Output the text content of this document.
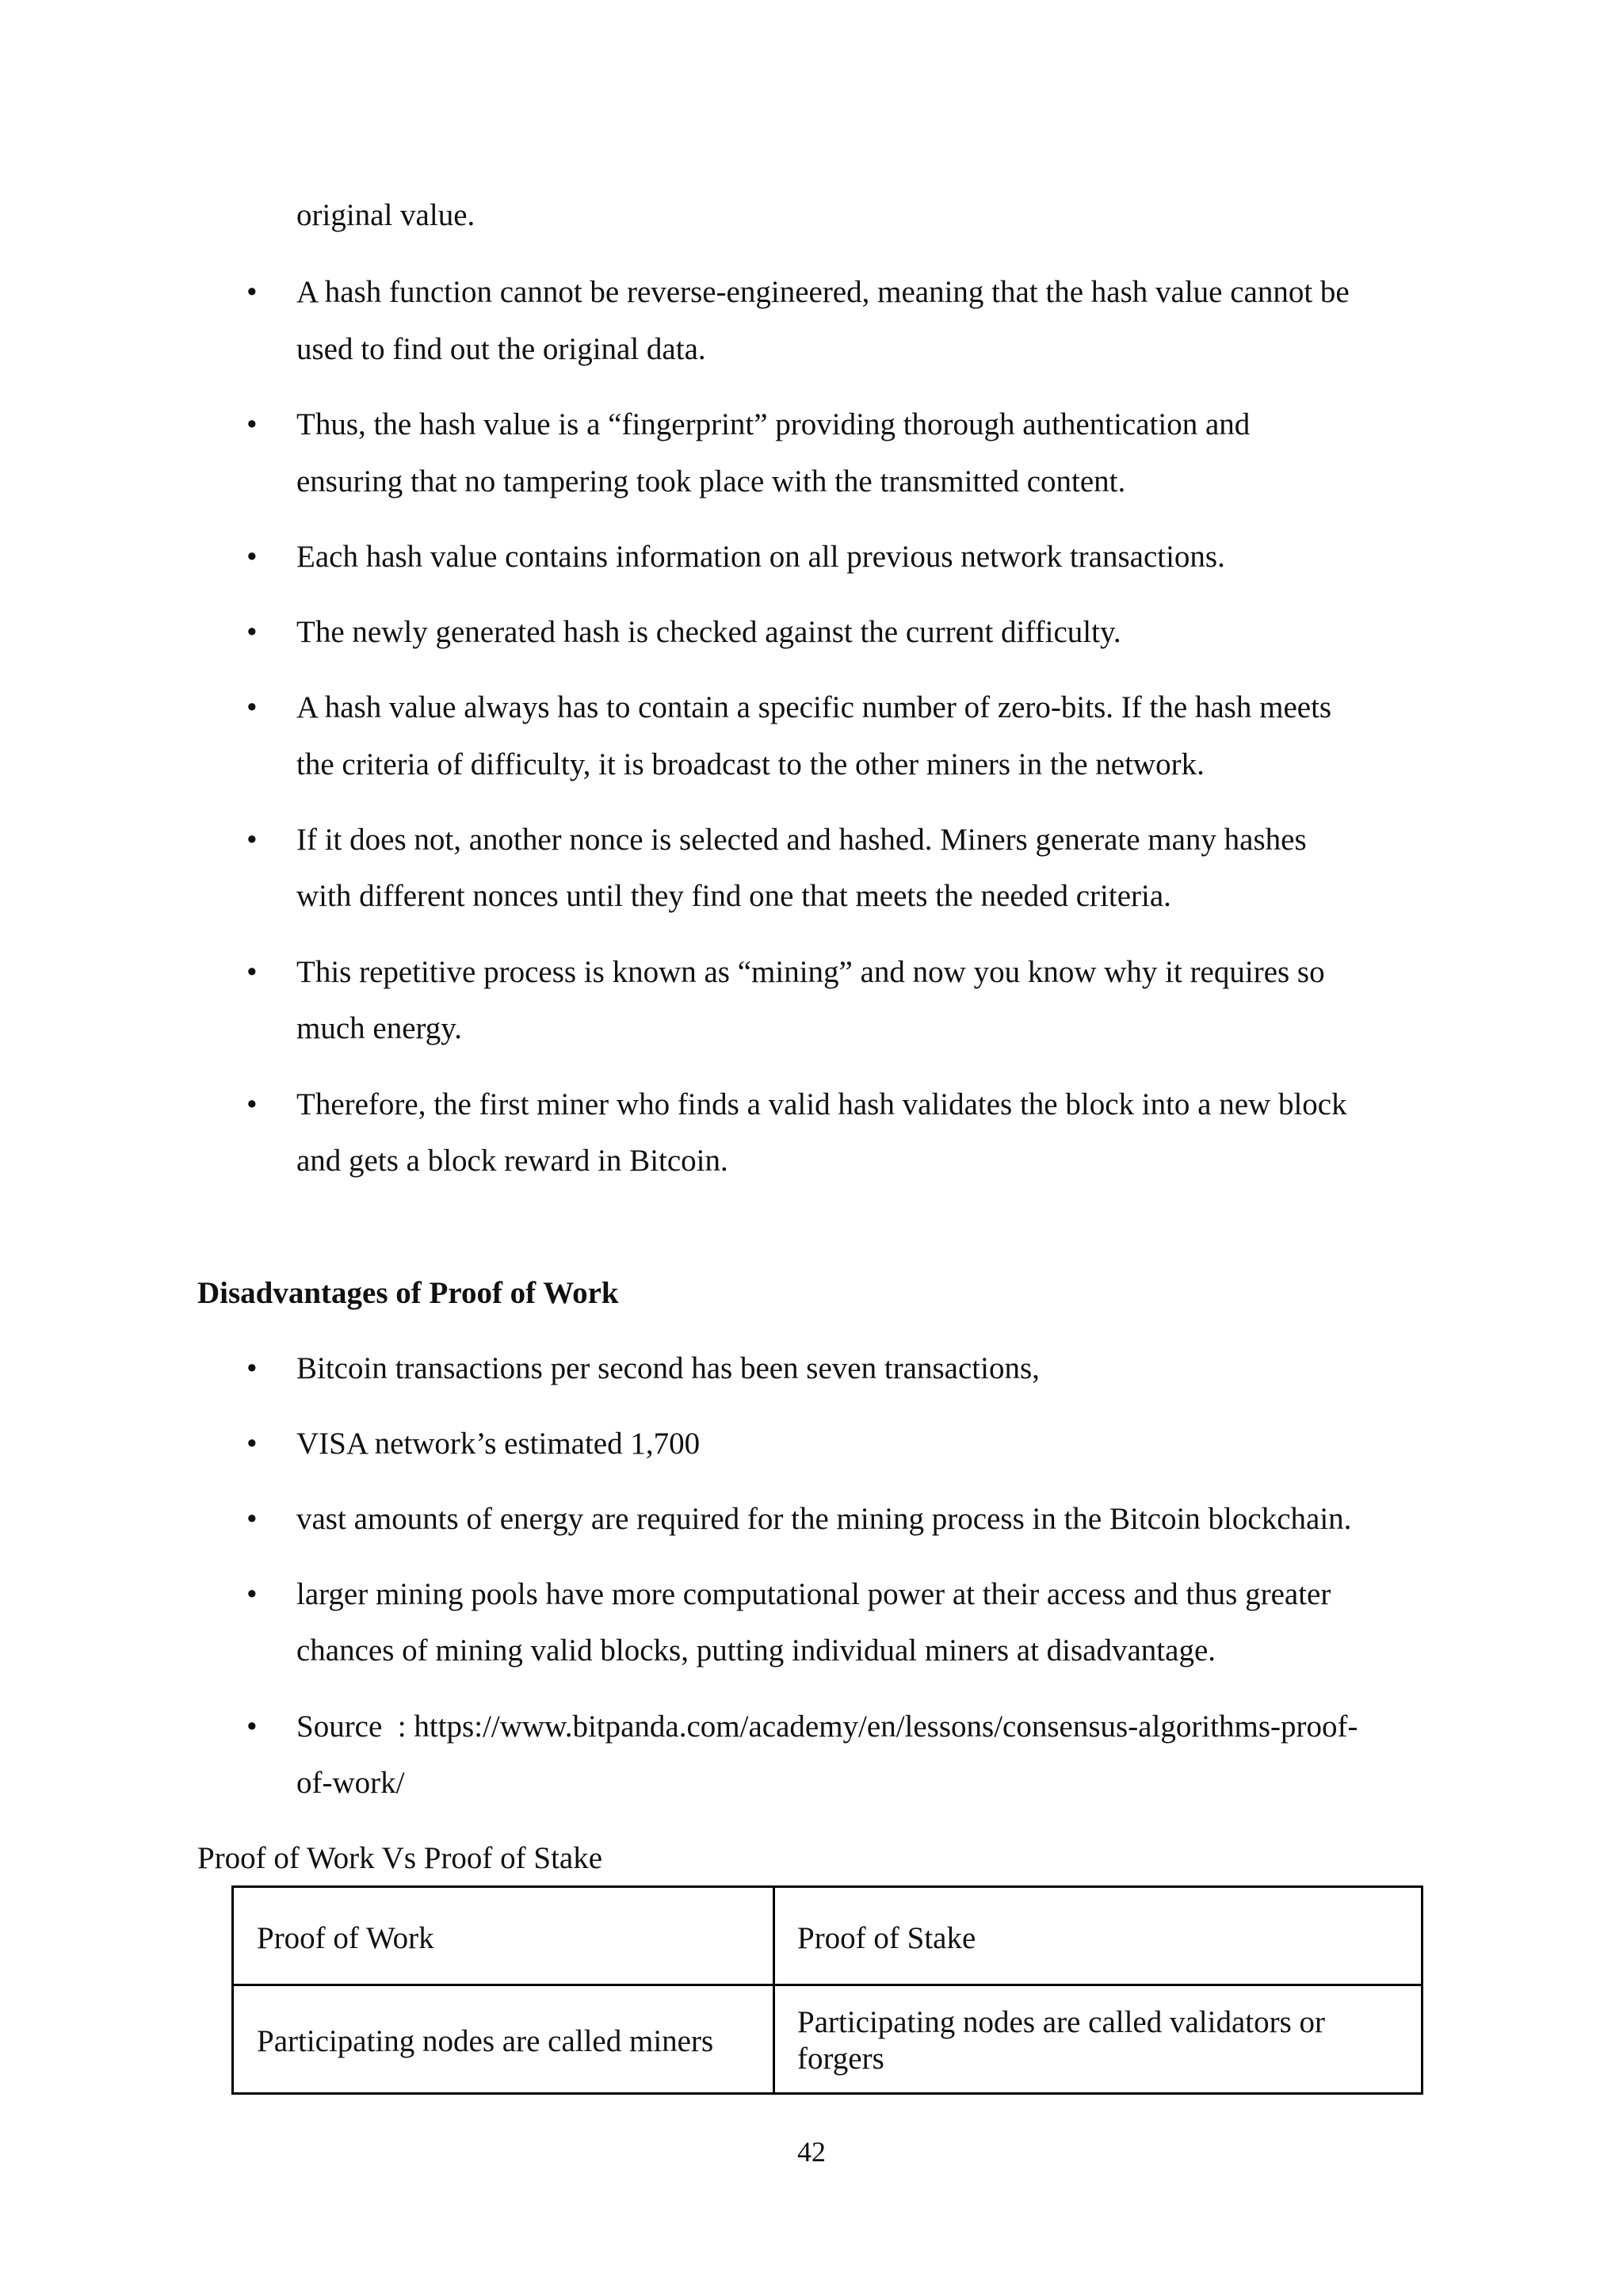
original value.
• A hash function cannot be reverse-engineered, meaning that the hash value cannot be
used to find out the original data.
• Thus, the hash value is a “fingerprint” providing thorough authentication and
ensuring that no tampering took place with the transmitted content.
• Each hash value contains information on all previous network transactions.
• The newly generated hash is checked against the current difficulty.
• A hash value always has to contain a specific number of zero-bits. If the hash meets
the criteria of difficulty, it is broadcast to the other miners in the network.
• If it does not, another nonce is selected and hashed. Miners generate many hashes
with different nonces until they find one that meets the needed criteria.
• This repetitive process is known as “mining” and now you know why it requires so
much energy.
• Therefore, the first miner who finds a valid hash validates the block into a new block
and gets a block reward in Bitcoin.
Disadvantages of Proof of Work
• Bitcoin transactions per second has been seven transactions,
• VISA network’s estimated 1,700
• vast amounts of energy are required for the mining process in the Bitcoin blockchain.
• larger mining pools have more computational power at their access and thus greater
chances of mining valid blocks, putting individual miners at disadvantage.
• Source  : https://www.bitpanda.com/academy/en/lessons/consensus-algorithms-proof-
of-work/
Proof of Work Vs Proof of Stake
Proof of Work	Proof of Stake
Participating nodes are called miners
Participating nodes are called validators or
forgers
42
